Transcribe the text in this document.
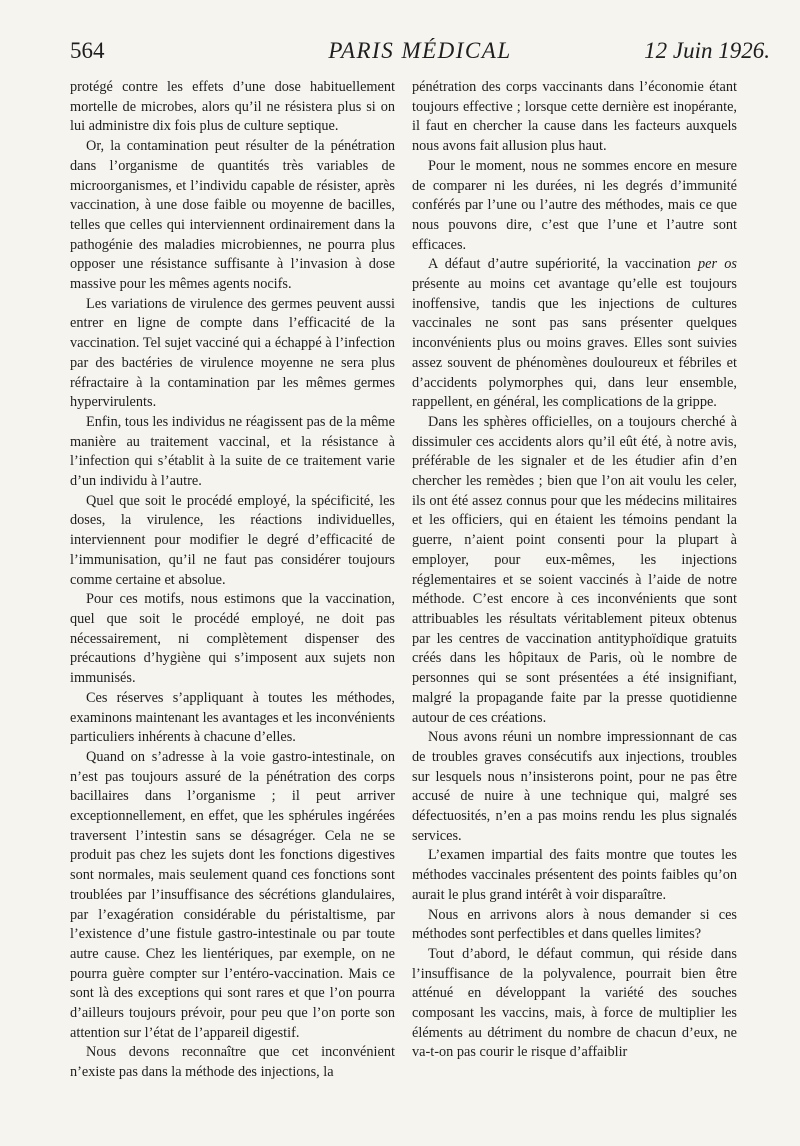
564	PARIS MÉDICAL	12 Juin 1926.

protégé contre les effets d’une dose habituellement mortelle de microbes, alors qu’il ne résistera plus si on lui administre dix fois plus de culture septique.

Or, la contamination peut résulter de la pénétration dans l’organisme de quantités très variables de microorganismes, et l’individu capable de résister, après vaccination, à une dose faible ou moyenne de bacilles, telles que celles qui interviennent ordinairement dans la pathogénie des maladies microbiennes, ne pourra plus opposer une résistance suffisante à l’invasion à dose massive pour les mêmes agents nocifs.

Les variations de virulence des germes peuvent aussi entrer en ligne de compte dans l’efficacité de la vaccination. Tel sujet vacciné qui a échappé à l’infection par des bactéries de virulence moyenne ne sera plus réfractaire à la contamination par les mêmes germes hypervirulents.

Enfin, tous les individus ne réagissent pas de la même manière au traitement vaccinal, et la résistance à l’infection qui s’établit à la suite de ce traitement varie d’un individu à l’autre.

Quel que soit le procédé employé, la spécificité, les doses, la virulence, les réactions individuelles, interviennent pour modifier le degré d’efficacité de l’immunisation, qu’il ne faut pas considérer toujours comme certaine et absolue.

Pour ces motifs, nous estimons que la vaccination, quel que soit le procédé employé, ne doit pas nécessairement, ni complètement dispenser des précautions d’hygiène qui s’imposent aux sujets non immunisés.

Ces réserves s’appliquant à toutes les méthodes, examinons maintenant les avantages et les inconvénients particuliers inhérents à chacune d’elles.

Quand on s’adresse à la voie gastro-intestinale, on n’est pas toujours assuré de la pénétration des corps bacillaires dans l’organisme ; il peut arriver exceptionnellement, en effet, que les sphérules ingérées traversent l’intestin sans se désagréger. Cela ne se produit pas chez les sujets dont les fonctions digestives sont normales, mais seulement quand ces fonctions sont troublées par l’insuffisance des sécrétions glandulaires, par l’exagération considérable du péristaltisme, par l’existence d’une fistule gastro-intestinale ou par toute autre cause. Chez les lientériques, par exemple, on ne pourra guère compter sur l’entéro-vaccination. Mais ce sont là des exceptions qui sont rares et que l’on pourra d’ailleurs toujours prévoir, pour peu que l’on porte son attention sur l’état de l’appareil digestif.

Nous devons reconnaître que cet inconvénient n’existe pas dans la méthode des injections, la

pénétration des corps vaccinants dans l’économie étant toujours effective ; lorsque cette dernière est inopérante, il faut en chercher la cause dans les facteurs auxquels nous avons fait allusion plus haut.

Pour le moment, nous ne sommes encore en mesure de comparer ni les durées, ni les degrés d’immunité conférés par l’une ou l’autre des méthodes, mais ce que nous pouvons dire, c’est que l’une et l’autre sont efficaces.

A défaut d’autre supériorité, la vaccination per os présente au moins cet avantage qu’elle est toujours inoffensive, tandis que les injections de cultures vaccinales ne sont pas sans présenter quelques inconvénients plus ou moins graves. Elles sont suivies assez souvent de phénomènes douloureux et fébriles et d’accidents polymorphes qui, dans leur ensemble, rappellent, en général, les complications de la grippe.

Dans les sphères officielles, on a toujours cherché à dissimuler ces accidents alors qu’il eût été, à notre avis, préférable de les signaler et de les étudier afin d’en chercher les remèdes ; bien que l’on ait voulu les celer, ils ont été assez connus pour que les médecins militaires et les officiers, qui en étaient les témoins pendant la guerre, n’aient point consenti pour la plupart à employer, pour eux-mêmes, les injections réglementaires et se soient vaccinés à l’aide de notre méthode. C’est encore à ces inconvénients que sont attribuables les résultats véritablement piteux obtenus par les centres de vaccination antityphoïdique gratuits créés dans les hôpitaux de Paris, où le nombre de personnes qui se sont présentées a été insignifiant, malgré la propagande faite par la presse quotidienne autour de ces créations.

Nous avons réuni un nombre impressionnant de cas de troubles graves consécutifs aux injections, troubles sur lesquels nous n’insisterons point, pour ne pas être accusé de nuire à une technique qui, malgré ses défectuosités, n’en a pas moins rendu les plus signalés services.

L’examen impartial des faits montre que toutes les méthodes vaccinales présentent des points faibles qu’on aurait le plus grand intérêt à voir disparaître.

Nous en arrivons alors à nous demander si ces méthodes sont perfectibles et dans quelles limites?

Tout d’abord, le défaut commun, qui réside dans l’insuffisance de la polyvalence, pourrait bien être atténué en développant la variété des souches composant les vaccins, mais, à force de multiplier les éléments au détriment du nombre de chacun d’eux, ne va-t-on pas courir le risque d’affaiblir
